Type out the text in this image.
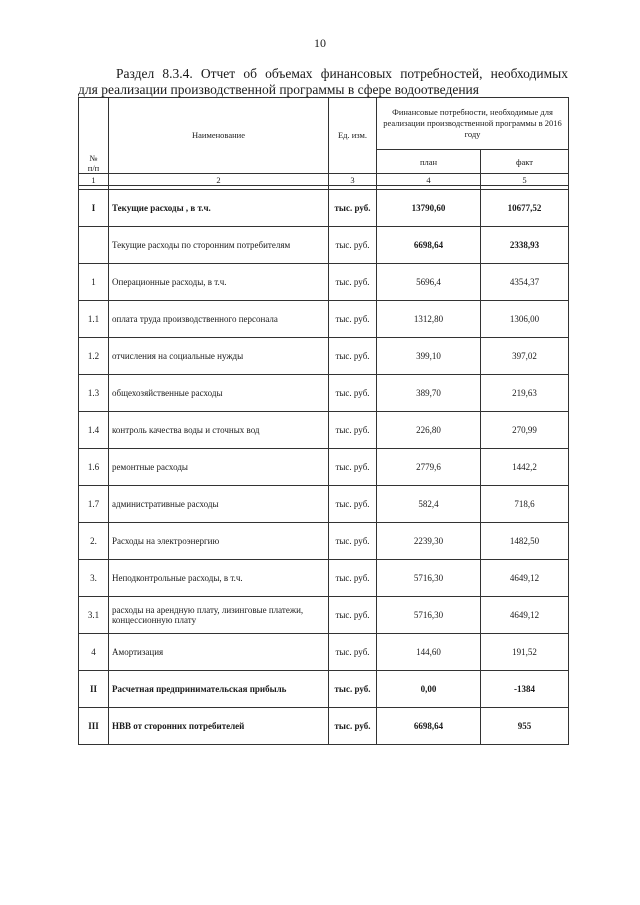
10
Раздел 8.3.4. Отчет об объемах финансовых потребностей, необходимых
для реализации производственной программы в сфере водоотведения
№
п/п	Наименование	Ед. изм.	Финансовые потребности, необходимые для реализации производственной программы в 2016 году	
			план	факт
1	2	3	4	5

I	Текущие расходы , в т.ч.	тыс. руб.	13790,60	10677,52
	Текущие расходы по сторонним потребителям	тыс. руб.	6698,64	2338,93
1	Операционные расходы, в т.ч.	тыс. руб.	5696,4	4354,37
1.1	оплата труда производственного персонала	тыс. руб.	1312,80	1306,00
1.2	отчисления на социальные нужды	тыс. руб.	399,10	397,02
1.3	общехозяйственные расходы	тыс. руб.	389,70	219,63
1.4	контроль качества воды и сточных вод	тыс. руб.	226,80	270,99
1.6	ремонтные расходы	тыс. руб.	2779,6	1442,2
1.7	административные расходы	тыс. руб.	582,4	718,6
2.	Расходы на электроэнергию	тыс. руб.	2239,30	1482,50
3.	Неподконтрольные расходы, в т.ч.	тыс. руб.	5716,30	4649,12
3.1	расходы на арендную плату, лизинговые платежи, концессионную плату	тыс. руб.	5716,30	4649,12
4	Амортизация	тыс. руб.	144,60	191,52
II	Расчетная предпринимательская прибыль	тыс. руб.	0,00	-1384
III	НВВ от сторонних потребителей	тыс. руб.	6698,64	955
